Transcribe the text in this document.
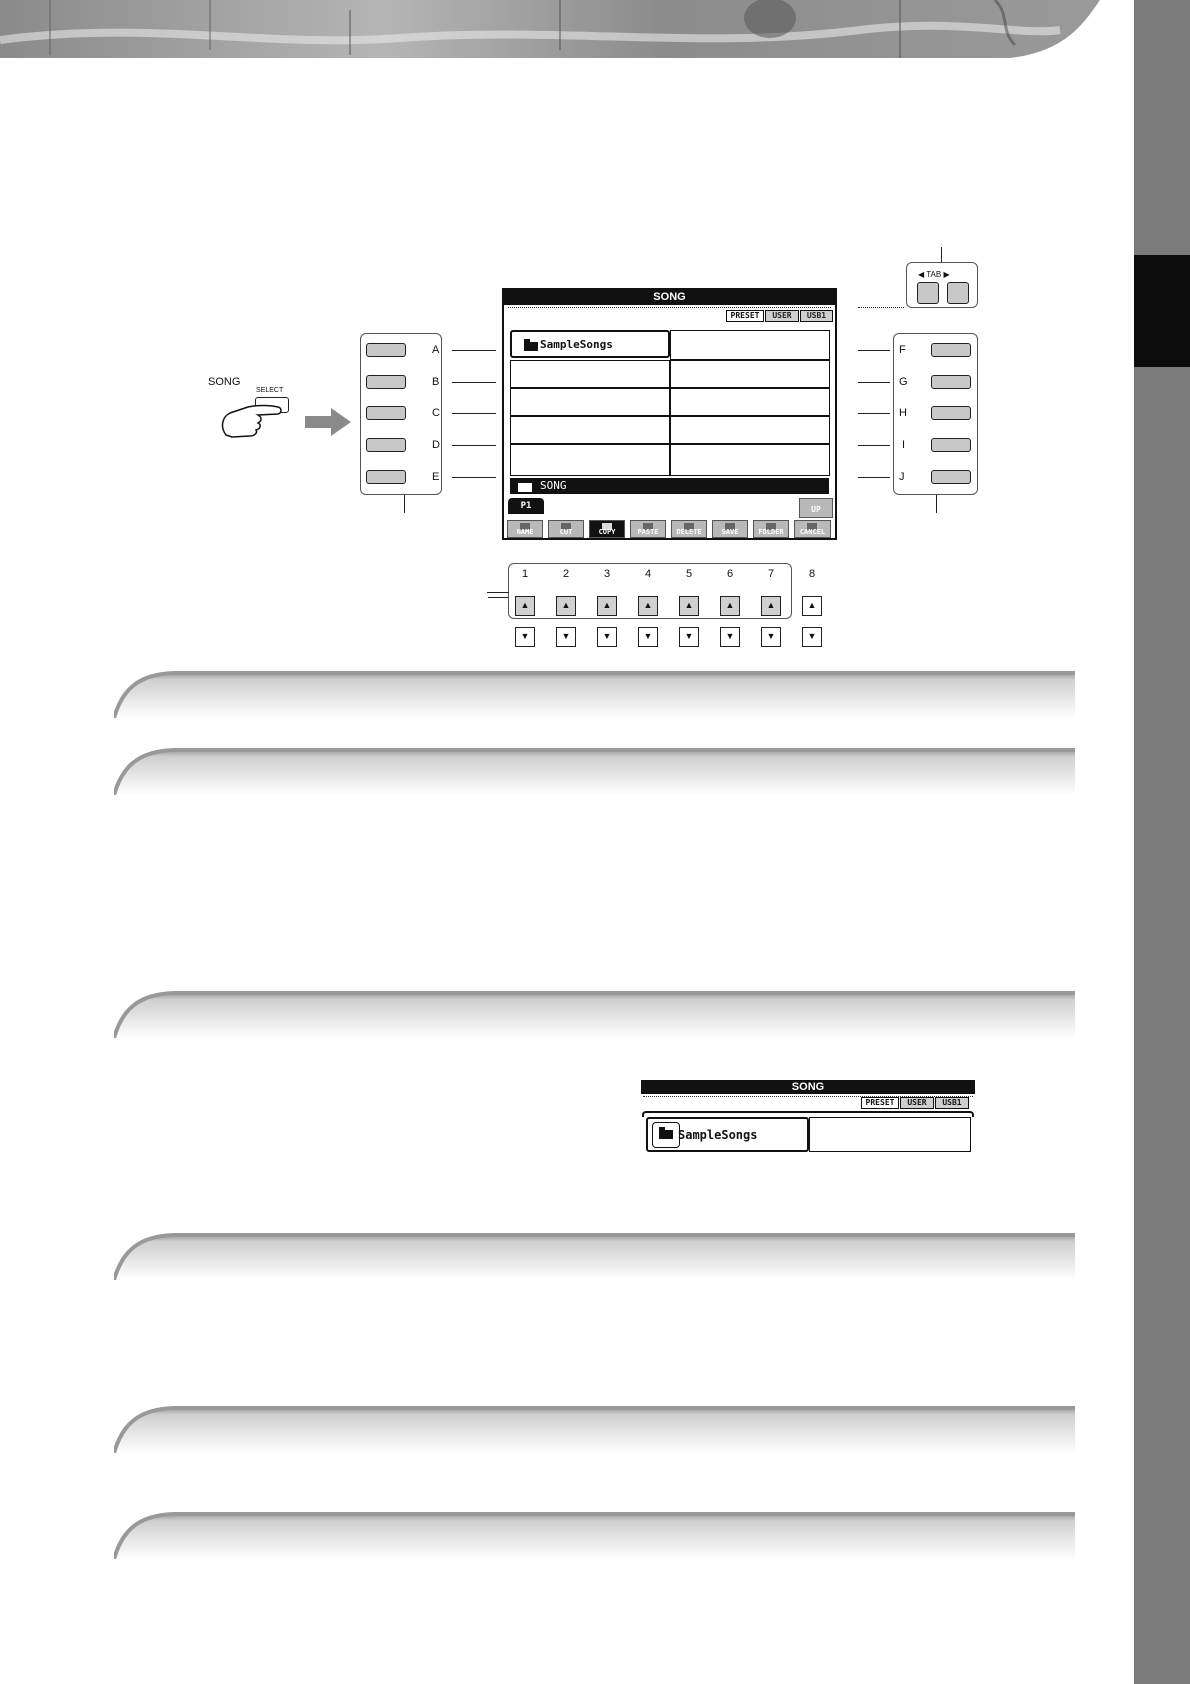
◀ TAB ▶
SONG
SELECT
A
B
C
D
E
F
G
H
I
J
SONG
PRESET	USER	USB1
SampleSongs
SONG
P1	UP
NAME	CUT	COPY	PASTE	DELETE	SAVE	FOLDER	CANCEL
1	2	3	4	5	6	7	8
▲	▲	▲	▲	▲	▲	▲	▲
▼	▼	▼	▼	▼	▼	▼	▼
SONG
PRESET	USER	USB1
SampleSongs
